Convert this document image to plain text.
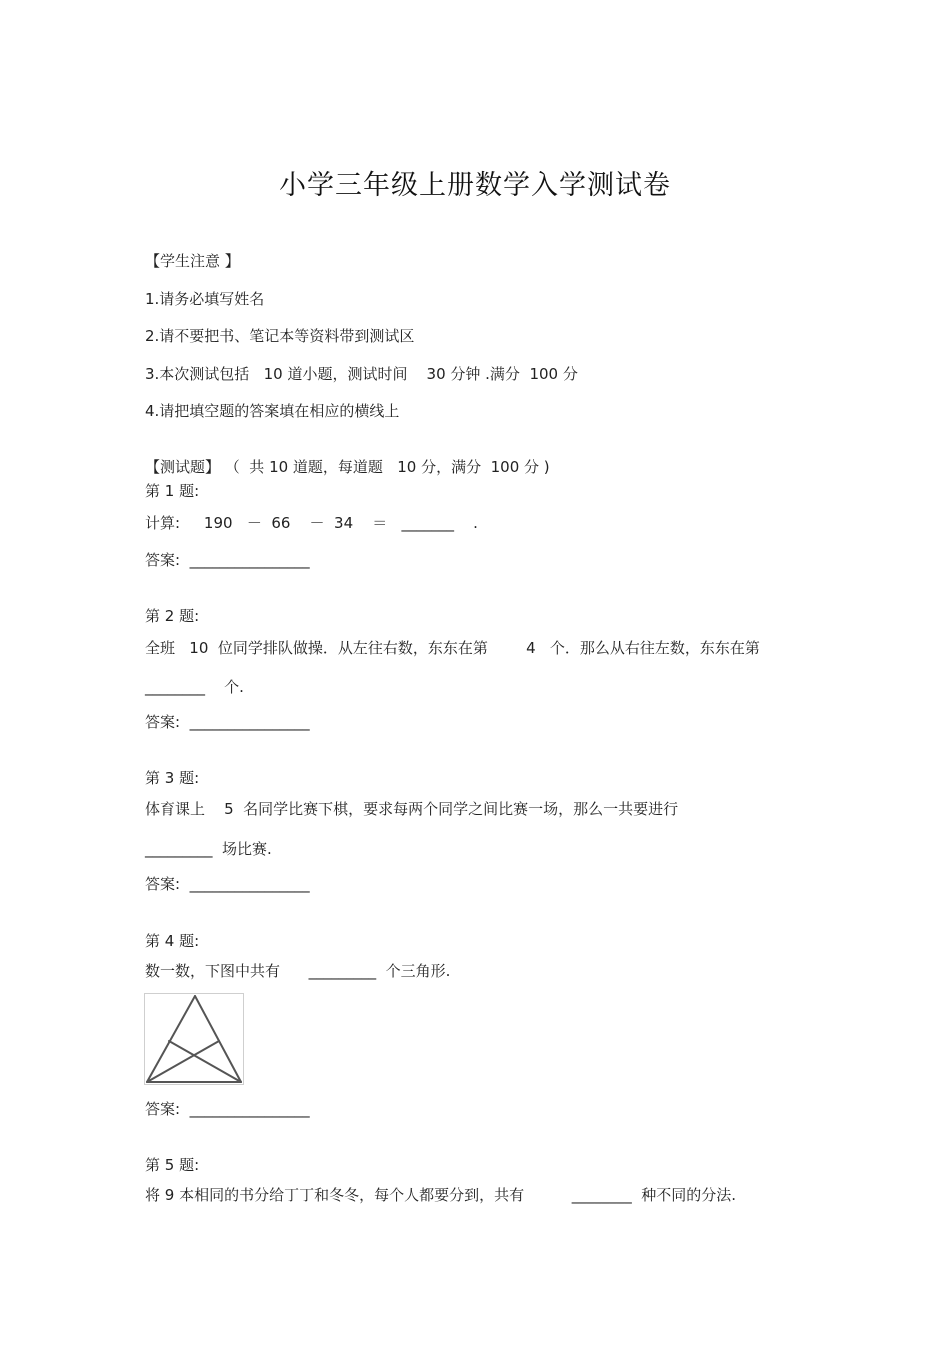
小学三年级上册数学入学测试卷
【学生注意 】
1.请务必填写姓名
2.请不要把书、笔记本等资料带到测试区
3.本次测试包括   10 道小题，测试时间    30 分钟 .满分  100 分
4.请把填空题的答案填在相应的横线上
【测试题】 （  共 10 道题，每道题   10 分，满分  100 分 )
第 1 题:
计算:     190   －  66    －  34    ＝   _______    .
答案:  ________________
第 2 题:
全班   10  位同学排队做操．从左往右数，东东在第        4   个．那么从右往左数，东东在第
________    个.
答案:  ________________
第 3 题:
体育课上    5  名同学比赛下棋，要求每两个同学之间比赛一场，那么一共要进行
_________  场比赛.
答案:  ________________
第 4 题:
数一数，下图中共有      _________  个三角形.
答案:  ________________
第 5 题:
将 9 本相同的书分给丁丁和冬冬，每个人都要分到，共有          ________  种不同的分法.
